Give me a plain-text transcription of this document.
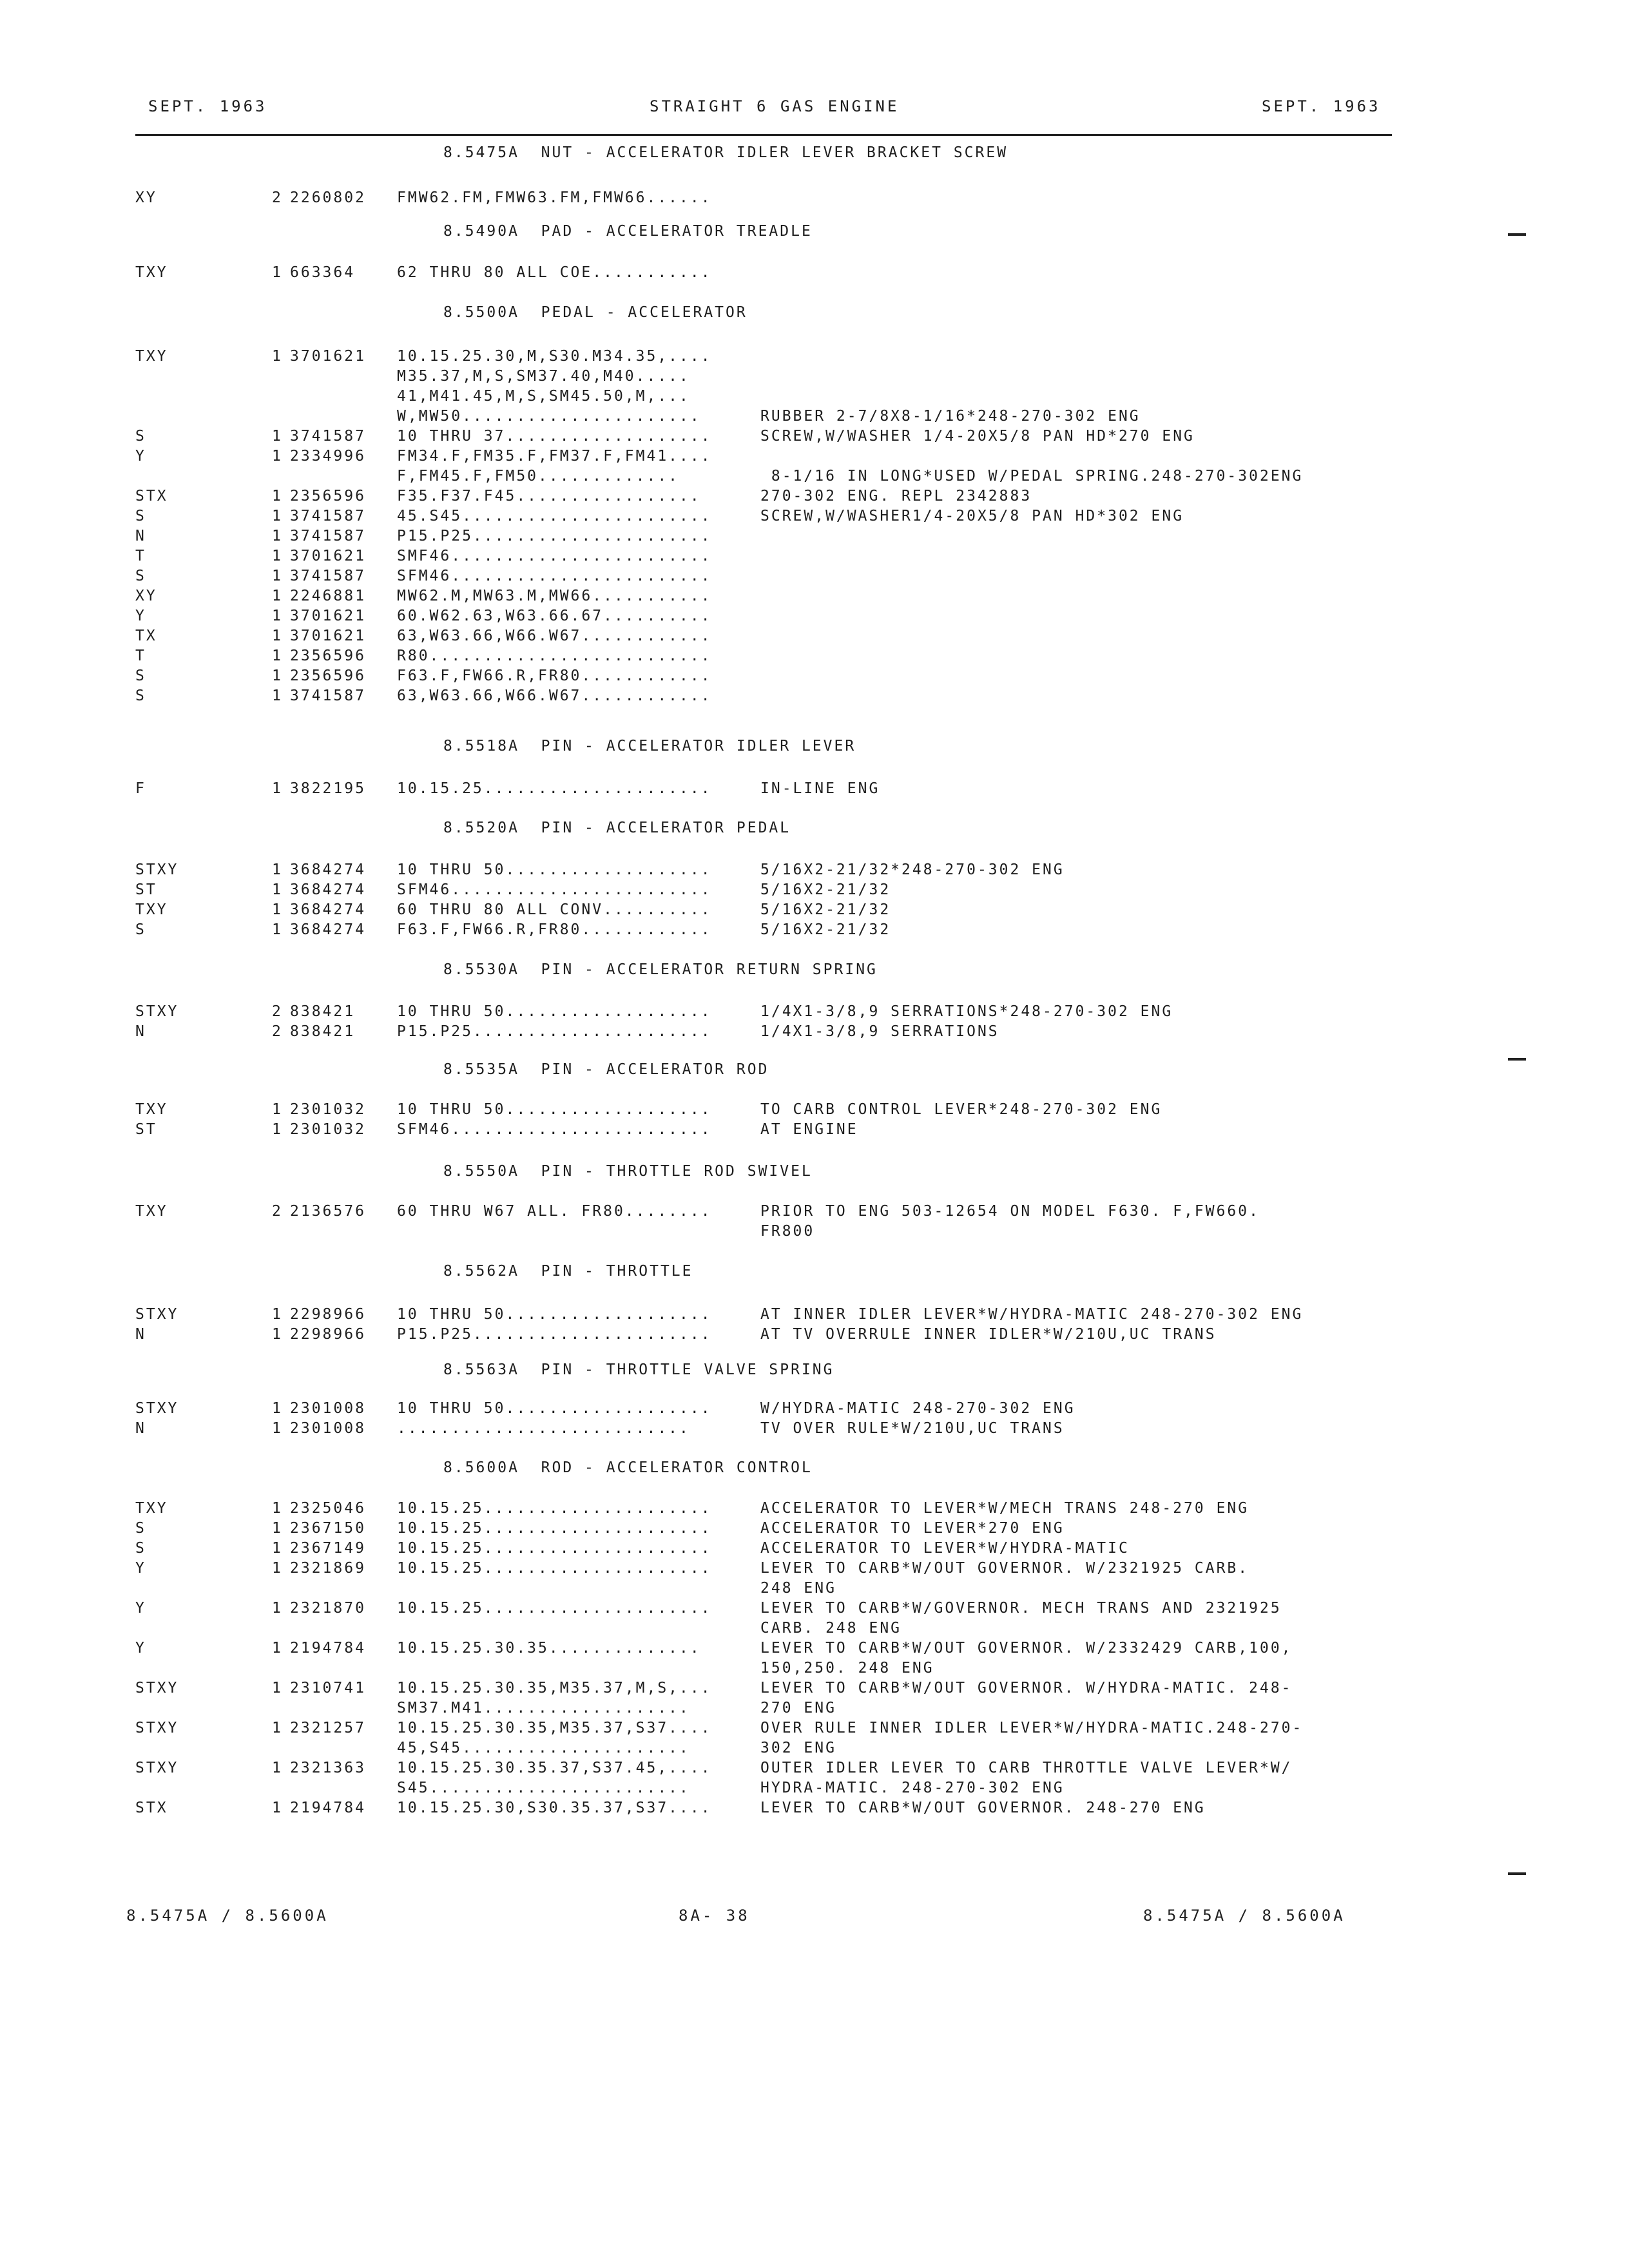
SEPT. 1963	STRAIGHT 6 GAS ENGINE	SEPT. 1963
8.5475A  NUT - ACCELERATOR IDLER LEVER BRACKET SCREW
XY	2 2260802 FMW62.FM,FMW63.FM,FMW66......
8.5490A  PAD - ACCELERATOR TREADLE
TXY	1 663364	62 THRU 80 ALL COE...........
8.5500A  PEDAL - ACCELERATOR
TXY	1 3701621 10.15.25.30,M,S30.M34.35,....
M35.37,M,S,SM37.40,M40.....
41,M41.45,M,S,SM45.50,M,...
W,MW50......................	RUBBER 2-7/8X8-1/16*248-270-302 ENG
S	1 3741587 10 THRU 37...................	SCREW,W/WASHER 1/4-20X5/8 PAN HD*270 ENG
Y	1 2334996 FM34.F,FM35.F,FM37.F,FM41....
F,FM45.F,FM50.............	8-1/16 IN LONG*USED W/PEDAL SPRING.248-270-302ENG
STX	1 2356596 F35.F37.F45.................	270-302 ENG. REPL 2342883
S	1 3741587 45.S45.......................	SCREW,W/WASHER1/4-20X5/8 PAN HD*302 ENG
N	1 3741587 P15.P25......................
T	1 3701621 SMF46........................
S	1 3741587 SFM46........................
XY	1 2246881 MW62.M,MW63.M,MW66...........
Y	1 3701621 60.W62.63,W63.66.67..........
TX	1 3701621 63,W63.66,W66.W67............
T	1 2356596 R80..........................
S	1 2356596 F63.F,FW66.R,FR80............
S	1 3741587 63,W63.66,W66.W67............
8.5518A  PIN - ACCELERATOR IDLER LEVER
F	1 3822195 10.15.25.....................	IN-LINE ENG
8.5520A  PIN - ACCELERATOR PEDAL
STXY	1 3684274 10 THRU 50...................	5/16X2-21/32*248-270-302 ENG
ST	1 3684274 SFM46........................	5/16X2-21/32
TXY	1 3684274 60 THRU 80 ALL CONV..........	5/16X2-21/32
S	1 3684274 F63.F,FW66.R,FR80............	5/16X2-21/32
8.5530A  PIN - ACCELERATOR RETURN SPRING
STXY	2 838421	10 THRU 50...................	1/4X1-3/8,9 SERRATIONS*248-270-302 ENG
N	2 838421	P15.P25......................	1/4X1-3/8,9 SERRATIONS
8.5535A  PIN - ACCELERATOR ROD
TXY	1 2301032 10 THRU 50...................	TO CARB CONTROL LEVER*248-270-302 ENG
ST	1 2301032 SFM46........................	AT ENGINE
8.5550A  PIN - THROTTLE ROD SWIVEL
TXY	2 2136576 60 THRU W67 ALL. FR80........	PRIOR TO ENG 503-12654 ON MODEL F630. F,FW660.
FR800
8.5562A  PIN - THROTTLE
STXY	1 2298966 10 THRU 50...................	AT INNER IDLER LEVER*W/HYDRA-MATIC 248-270-302 ENG
N	1 2298966 P15.P25......................	AT TV OVERRULE INNER IDLER*W/210U,UC TRANS
8.5563A  PIN - THROTTLE VALVE SPRING
STXY	1 2301008 10 THRU 50...................	W/HYDRA-MATIC 248-270-302 ENG
N	1 2301008 ...........................	TV OVER RULE*W/210U,UC TRANS
8.5600A  ROD - ACCELERATOR CONTROL
TXY	1 2325046 10.15.25.....................	ACCELERATOR TO LEVER*W/MECH TRANS 248-270 ENG
S	1 2367150 10.15.25.....................	ACCELERATOR TO LEVER*270 ENG
S	1 2367149 10.15.25.....................	ACCELERATOR TO LEVER*W/HYDRA-MATIC
Y	1 2321869 10.15.25.....................	LEVER TO CARB*W/OUT GOVERNOR. W/2321925 CARB.
248 ENG
Y	1 2321870 10.15.25.....................	LEVER TO CARB*W/GOVERNOR. MECH TRANS AND 2321925
CARB. 248 ENG
Y	1 2194784 10.15.25.30.35..............	LEVER TO CARB*W/OUT GOVERNOR. W/2332429 CARB,100,
150,250. 248 ENG
STXY	1 2310741 10.15.25.30.35,M35.37,M,S,...	LEVER TO CARB*W/OUT GOVERNOR. W/HYDRA-MATIC. 248-
SM37.M41...................	270 ENG
STXY	1 2321257 10.15.25.30.35,M35.37,S37....	OVER RULE INNER IDLER LEVER*W/HYDRA-MATIC.248-270-
45,S45.....................	302 ENG
STXY	1 2321363 10.15.25.30.35.37,S37.45,....	OUTER IDLER LEVER TO CARB THROTTLE VALVE LEVER*W/
S45........................	HYDRA-MATIC. 248-270-302 ENG
STX	1 2194784 10.15.25.30,S30.35.37,S37....	LEVER TO CARB*W/OUT GOVERNOR. 248-270 ENG
8.5475A / 8.5600A	8A- 38	8.5475A / 8.5600A
